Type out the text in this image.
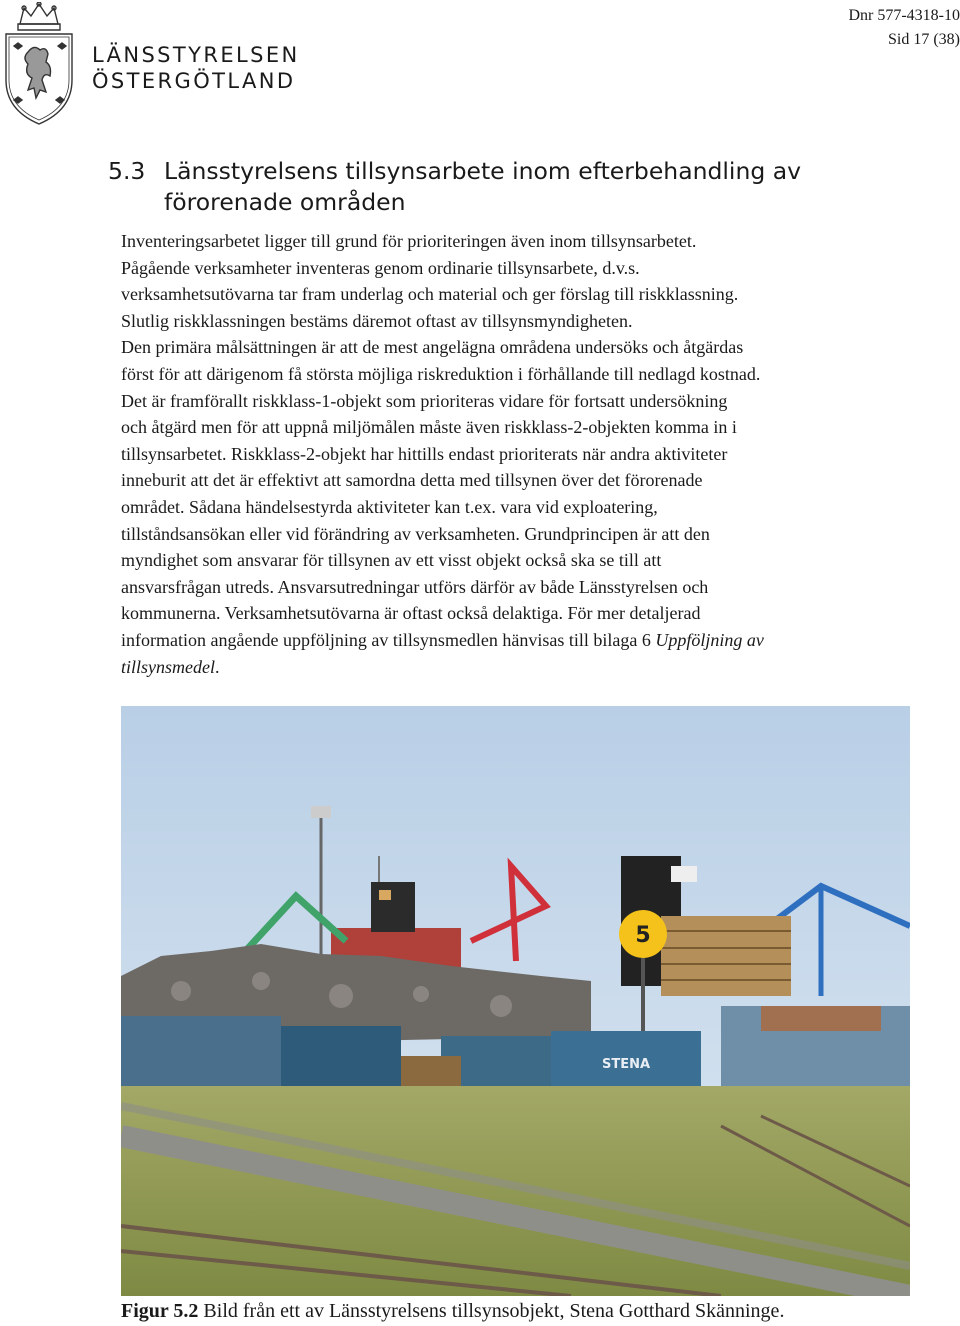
LÄNSSTYRELSEN
ÖSTERGÖTLAND
Dnr 577-4318-10
Sid 17 (38)
5.3 Länsstyrelsens tillsynsarbete inom efterbehandling av
förorenade områden
Inventeringsarbetet ligger till grund för prioriteringen även inom tillsynsarbetet.
Pågående verksamheter inventeras genom ordinarie tillsynsarbete, d.v.s.
verksamhetsutövarna tar fram underlag och material och ger förslag till riskklassning.
Slutlig riskklassningen bestäms däremot oftast av tillsynsmyndigheten.
Den primära målsättningen är att de mest angelägna områdena undersöks och åtgärdas
först för att därigenom få största möjliga riskreduktion i förhållande till nedlagd kostnad.
Det är framförallt riskklass-1-objekt som prioriteras vidare för fortsatt undersökning
och åtgärd men för att uppnå miljömålen måste även riskklass-2-objekten komma in i
tillsynsarbetet. Riskklass-2-objekt har hittills endast prioriterats när andra aktiviteter
inneburit att det är effektivt att samordna detta med tillsynen över det förorenade
området. Sådana händelsestyrda aktiviteter kan t.ex. vara vid exploatering,
tillståndsansökan eller vid förändring av verksamheten. Grundprincipen är att den
myndighet som ansvarar för tillsynen av ett visst objekt också ska se till att
ansvarsfrågan utreds. Ansvarsutredningar utförs därför av både Länsstyrelsen och
kommunerna. Verksamhetsutövarna är oftast också delaktiga. För mer detaljerad
information angående uppföljning av tillsynsmedlen hänvisas till bilaga 6 Uppföljning av
tillsynsmedel.
5
STENA
Figur 5.2 Bild från ett av Länsstyrelsens tillsynsobjekt, Stena Gotthard Skänninge.
